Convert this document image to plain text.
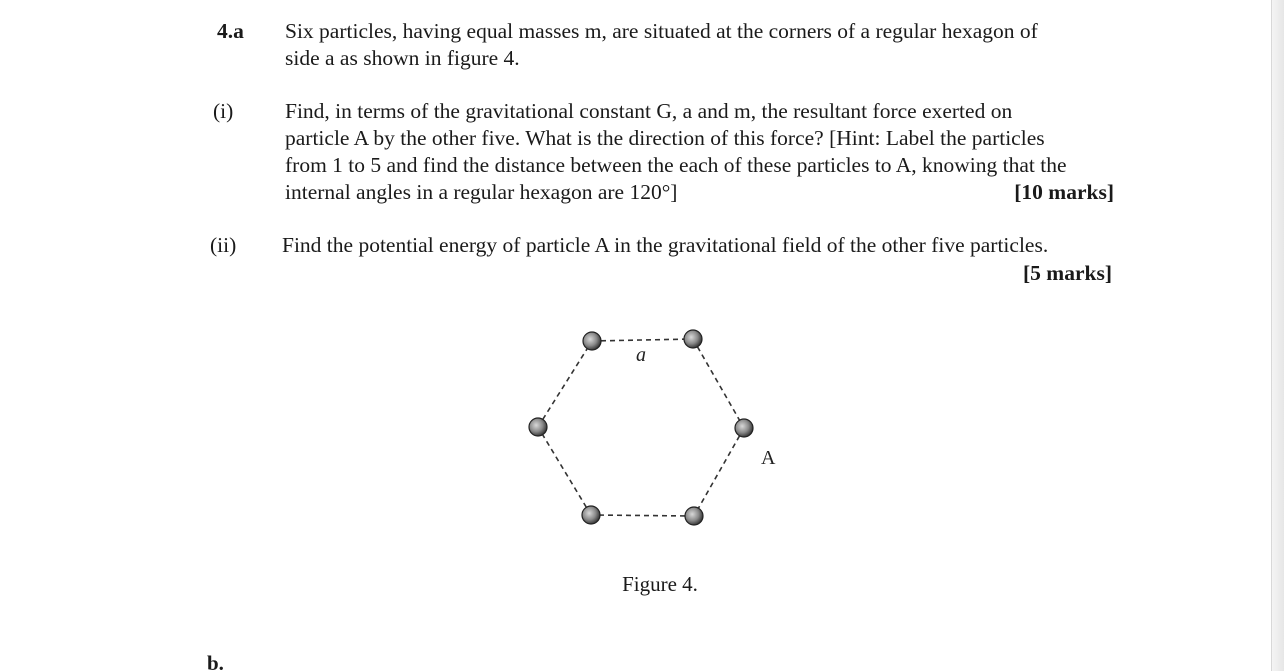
4.a Six particles, having equal masses m, are situated at the corners of a regular hexagon of
side a as shown in figure 4.
(i) Find, in terms of the gravitational constant G, a and m, the resultant force exerted on
particle A by the other five. What is the direction of this force? [Hint: Label the particles
from 1 to 5 and find the distance between the each of these particles to A, knowing that the
internal angles in a regular hexagon are 120°]	[10 marks]
(ii) Find the potential energy of particle A in the gravitational field of the other five particles.
[5 marks]
a
A
Figure 4.
b.
